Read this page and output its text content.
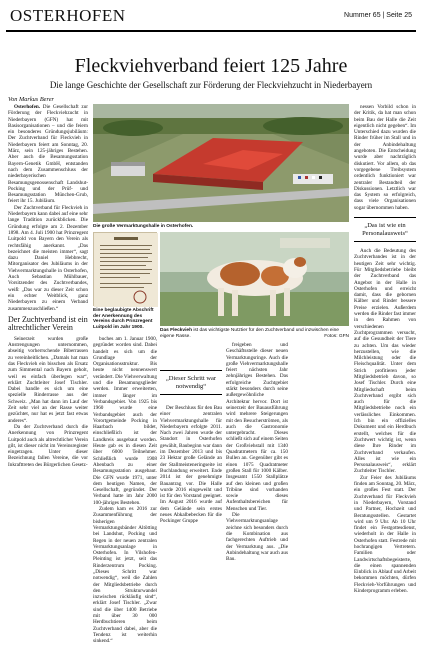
OSTERHOFEN	Nummer 65 | Seite 25
Fleckviehverband feiert 125 Jahre
Die lange Geschichte der Gesellschaft zur Förderung der Fleckviehzucht in Niederbayern
Von Markus Berer

Osterhofen. Die Gesellschaft zur Förderung der Fleckviehzucht in Niederbayern (GFN) hat mit Basisorganisationen – und die feiern ein besonderes Gründungsjubiläum: Der Zuchtverband für Fleckvieh in Niederbayern feiert am Sonntag, 20. März, sein 125-jähriges Bestehen. Aber auch die Besamungsstation Bayern-Genetik GmbH, entstanden nach dem Zusammenschluss der niederbayerischen Besamungsgenossenschaft Landshut-Pocking und der Prüf- und Besamungsstation München-Grub, feiert ihr 15. Jubiläum.

Der Zuchtverband für Fleckvieh in Niederbayern kann dabei auf eine sehr lange Tradition zurückblicken. Die Gründung erfolgte am 2. Dezember 1898. Am 4. Juli 1900 hat Prinzregent Luitpold von Bayern den Verein als rechtsfähig anerkannt. „Das bezeichnet die meisten immer“, sagt dazu Daniel Hebbrecht, Mitorganisator des Jubiläums in der Viehvermarktungshalle in Osterhofen, Auch Sebastian Mühlbauer, Vorsitzender des Zuchtverbandes, weiß: „Das war zu dieser Zeit schon ein echter Weitblick, ganz Niederbayern zu einem Verband zusammenzuschließen.“

Der Zuchtverband ist ein altrechtlicher Verein

Seinerzeit wurden große Anstrengungen unternommen, abseitig vorherrschende Biberrassen zu vereinheitlichen. „Damals hat man das Fleckvieh ein bisschen als Ersatz zum Simmental nach Bayern geholt, weil es einfach überlegen war“, erklärt Zuchtleiter Josef Tischler. Dabei handle es sich um eine spezielle Rinderrasse aus der Schweiz. „Man hat dann im Lauf der Zeit sehr viel an der Rasse weiter gezüchtet, nur hat es jetzt fast etwas anderes“.

Da der Zuchtverband durch die Anerkennung von Prinzregent Luitpold auch als altrechtlicher Verein gilt, ist dieser nicht im Vereinsregister eingetragen. Unter dieser Bezeichnung fallen Vereine, die vor Inkrafttreten des Bürgerlichen Gesetz-

Die große Vermarktungshalle in Osterhofen.

nessen Vorbild schon in der Kritik, da hat man schon beim Bau der Halle die Zeit eigentlich nicht gegeben“. Im Unterschied dazu wurden die Rinder früher im Stall und in der Anbindehaltung angeboten. Die Entscheidung wurde aber nachträglich diskutiert. Vor allem, ob das vorgegebene Treibsystem ordentlich funktioniert war zentraler Bestandteil der Diskussionen. Letztlich war das System so erfolgreich, dass viele Organisationen sogar übernommen haben.

„Das ist wie ein Personalausweis“

Auch die Bedeutung des Zuchtverbandes ist in der heutigen Zeit sehr wichtig. Für Mitgliedsbetriebe bleibt der Zuchtverband das Angebot in der Halle in Osterhofen und erreicht damit, dass die gebornen Kälber und Rinder bessere Preise erzielen. Außerdem werden die Rinder fast immer in den Rahmen von verschiedenen Zuchtprogrammen versucht, auf die Gesundheit der Tiere zu achten. Um das wieder herzustellen, wie die Milchleistung oder die Fleischqualität. Unter dem Strich profitieren jeder Mitgliedsbetrieb davon, so Josef Tischler. Durch eine Mitgliedschaft beim Zuchtverband ergibt sich auch für die Mitgliedsbetriebe noch ein verlässliches Einkommen. Ich bin ein offizielles Dokument und ein Herdbuch erstellt, welches für die Zuchtwert wichtig ist, wenn diese Ihre Rinder im Zuchtverband verkaufen. Alles ist wie ein Personalausweis“, erklärt Zuchtleiter Tischler.

Zur Feier des Jubiläums finden am Sonntag, 20. März, ein großes Fest statt. Der Zuchtverband für Fleckvieh in Niederbayern, Vorstand und Partner, Hochzeit und Beratungsstellen. Gestartet wird um 9 Uhr. Ab 10 Uhr findet ein Festgottesdienst, wiederholt in der Halle in Osterhofen statt. Festrede mit hochrangigen Vertretern. Familien oder Landwirtschaftsbegeisterte, die einen spannenden Einblick in Ablauf und Arbeit bekommen möchten, dürfen Fleckvieh-Vorführungen und Kinderprogramm erleben.

Eine beglaubigte Abschrift der Anerkennung des Vereins durch Prinzregent Luitpold im Jahr 1900.
Das Fleckvieh ist das wichtigste Nutztier für den Zuchtverband und inzwischen eine eigene Rasse.	Fotos: GFN

buches am 1. Januar 1900, gegründet worden sind. Dabei handelt es sich um die Grundlage der Organisationsstruktur. Bis heute nicht nennenswert verändert. Die Viehverwaltung und die Besamungsglieder werden. Immer erweiterten, immer länger im Verbandsgebiet. Von 1925 bis 1960 wurde eine Verbandsgebiet auch der Vorortgemeinde Pocking in Haarbach bildet, einschließlich ist der Landkreis ausgebaut worden. Heute gab es in diesen Zeit über 6000 Teilnehmer. Schließlich wurde 1908 Abenbach zu einer Besamungsstation ausgebaut. Die GFN wurde 1971, unter dem heutigen Namen, der Gesellschaft, gegründet. Der Verband hatte im Jahr 2000 100-jähriges Bestehen.

Zudem kam es 2016 zur Zusammenführung der bisherigen Vermarktungsbänder Altötting bei Landshut, Pocking und Regen in der neuen zentralen Vermarktungsanlage in Osterhofen. In Vilshofen-Pleinting ist jetzt, seit das Rinderzentrum Pocking. „Dieses Schritt war notwendig“, weil die Zahlen der Mitgliedsbetriebe durch den Strukturwandel inzwischen rückläufig sind“, erklärt Josef Tischler. „Zwar sind die über 1400 Betriebe mit über 30 000 Herdbuchtieren beim Zuchtverband dabei, aber die Tendenz ist weiterhin sinkend.“

„Dieser Schritt war notwendig“

Der Beschluss für den Bau einer zentralen Viehvermarktungshalle für Niederbayern erfolgte 2011. Nach zwei Jahren wurde der Standort in Osterhofen gewählt, Baubeginn war dann im Dezember 2013 und bis 23 Hektar große Gelände an der Stallmeisteneringseite ist Buchlandung erweitert. Ende 2014 ist der genehmigte Bauantrag vor. Die Halle wurde 2016 eingeweiht und ist für den Vorstand geeignet. Im August 2016 wurde auf dem Gelände sein erstes neues Abkalbebecken für die Pockinger Gruppe

freigeben und Geschäftsstelle dieser neuen Vermarktungsringe. Auch die große Viehvermarktungshalle feiert nächsten Jahr zehnjähriges Bestehen. Das erfolgreiche Zuchtgebiet stärkt besonders durch seine außergewöhnliche Architektur hervor. Dort ist seinerzeit der Bauausführung wird mehrere Steigerungen mit den Besucherströmen, als auch die Gastronomie untergebracht. Dieses schließt sich auf einem Seiten der Großviehstall mit 1340 Quadratmetern für ca. 150 Bullen an. Gegenüber gibt es einen 1075 Quadratmeter großen Stall für 1000 Kälber. Insgesamt 1550 Stallplätze auf den kleinen und großen Tribüne sind vorhanden sowie dieses Aufenthaltsbereichen für Menschen und Tier.

Die Viehvermarktungsanlage zeichne sich besonders durch die Kombination aus fachgerechten Auftrieb und der Vermarktung aus. „Die Anbindehaltung war auch aus Bau.
